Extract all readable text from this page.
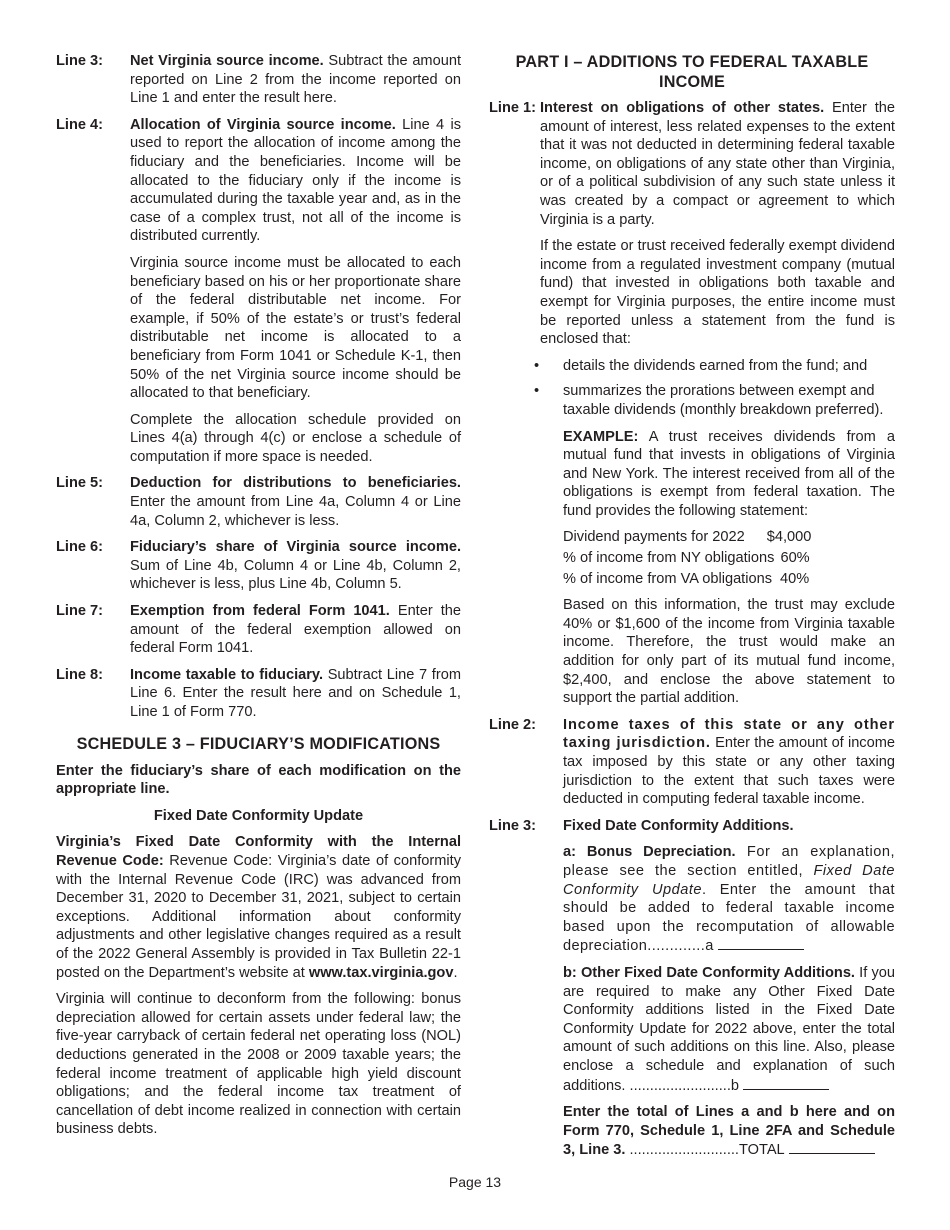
Line 3:	Net Virginia source income. Subtract the amount reported on Line 2 from the income reported on Line 1 and enter the result here.
Line 4:	Allocation of Virginia source income. Line 4 is used to report the allocation of income among the fiduciary and the beneficiaries. Income will be allocated to the fiduciary only if the income is accumulated during the taxable year and, as in the case of a complex trust, not all of the income is distributed currently.

Virginia source income must be allocated to each beneficiary based on his or her proportionate share of the federal distributable net income. For example, if 50% of the estate’s or trust’s federal distributable net income is allocated to a beneficiary from Form 1041 or Schedule K-1, then 50% of the net Virginia source income should be allocated to that beneficiary.

Complete the allocation schedule provided on Lines 4(a) through 4(c) or enclose a schedule of computation if more space is needed.

Line 5:	Deduction for distributions to beneficiaries. Enter the amount from Line 4a, Column 4 or Line 4a, Column 2, whichever is less.
Line 6:	Fiduciary’s share of Virginia source income. Sum of Line 4b, Column 4 or Line 4b, Column 2, whichever is less, plus Line 4b, Column 5.
Line 7:	Exemption from federal Form 1041. Enter the amount of the federal exemption allowed on federal Form 1041.
Line 8:	Income taxable to fiduciary. Subtract Line 7 from Line 6. Enter the result here and on Schedule 1, Line 1 of Form 770.
SCHEDULE 3 – FIDUCIARY’S MODIFICATIONS

Enter the fiduciary’s share of each modification on the appropriate line.

Fixed Date Conformity Update

Virginia’s Fixed Date Conformity with the Internal Revenue Code: Revenue Code: Virginia’s date of conformity with the Internal Revenue Code (IRC) was advanced from December 31, 2020 to December 31, 2021, subject to certain exceptions. Additional information about conformity adjustments and other legislative changes required as a result of the 2022 General Assembly is provided in Tax Bulletin 22-1 posted on the Department’s website at www.tax.virginia.gov.

Virginia will continue to deconform from the following: bonus depreciation allowed for certain assets under federal law; the five-year carryback of certain federal net operating loss (NOL) deductions generated in the 2008 or 2009 taxable years; the federal income treatment of applicable high yield discount obligations; and the federal income tax treatment of cancellation of debt income realized in connection with certain business debts.

PART I – ADDITIONS TO FEDERAL TAXABLE INCOME
Line 1: Interest on obligations of other states. Enter the amount of interest, less related expenses to the extent that it was not deducted in determining federal taxable income, on obligations of any state other than Virginia, or of a political subdivision of any such state unless it was created by a compact or agreement to which Virginia is a party.

If the estate or trust received federally exempt dividend income from a regulated investment company (mutual fund) that invested in obligations both taxable and exempt for Virginia purposes, the entire income must be reported unless a statement from the fund is enclosed that:

•	details the dividends earned from the fund; and
•	summarizes the prorations between exempt and taxable dividends (monthly breakdown preferred).

EXAMPLE: A trust receives dividends from a mutual fund that invests in obligations of Virginia and New York. The interest received from all of the obligations is exempt from federal taxation. The fund provides the following statement:

Dividend payments for 2022 $4,000
% of income from NY obligations 60%
% of income from VA obligations 40%

Based on this information, the trust may exclude 40% or $1,600 of the income from Virginia taxable income. Therefore, the trust would make an addition for only part of its mutual fund income, $2,400, and enclose the above statement to support the partial addition.

Line 2:	Income taxes of this state or any other taxing jurisdiction. Enter the amount of income tax imposed by this state or any other taxing jurisdiction to the extent that such taxes were deducted in computing federal taxable income.
Line 3:	Fixed Date Conformity Additions.

a: Bonus Depreciation. For an explanation, please see the section entitled, Fixed Date Conformity Update. Enter the amount that should be added to federal taxable income based upon the recomputation of allowable depreciation.............a

b: Other Fixed Date Conformity Additions. If you are required to make any Other Fixed Date Conformity additions listed in the Fixed Date Conformity Update for 2022 above, enter the total amount of such additions on this line. Also, please enclose a schedule and explanation of such additions. .........................b

Enter the total of Lines a and b here and on Form 770, Schedule 1, Line 2FA and Schedule 3, Line 3. ...........................TOTAL

Page 13
